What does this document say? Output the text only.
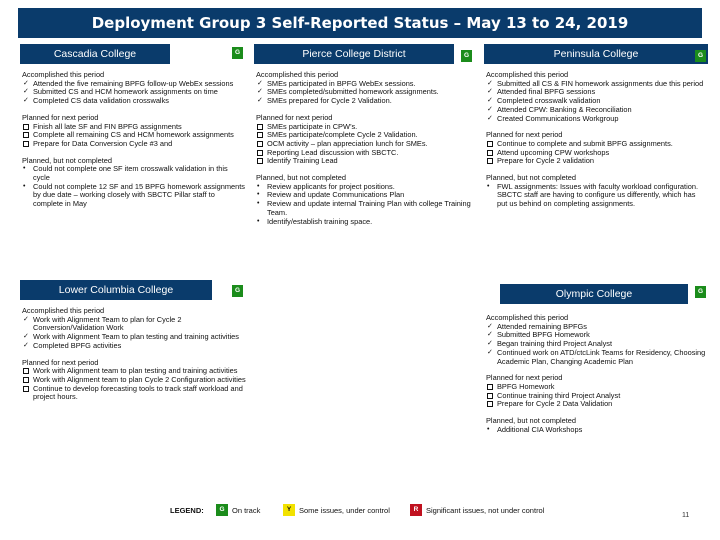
Deployment Group 3 Self-Reported Status – May 13 to 24, 2019
Cascadia College	G
Accomplished this period
✓ Attended the five remaining BPFG follow-up WebEx sessions
✓ Submitted CS and HCM homework assignments on time
✓ Completed CS data validation crosswalks
Planned for next period
Finish all late SF and FIN BPFG assignments
Complete all remaining CS and HCM homework assignments
Prepare for Data Conversion Cycle #3 and
Planned, but not completed
•	Could not complete one SF item crosswalk validation in this cycle
•	Could not complete 12 SF and 15 BPFG homework assignments by due date – working closely with SBCTC Pillar staff to complete in May
Pierce College District	G
Accomplished this period
✓ SMEs participated in BPFG WebEx sessions.
✓ SMEs completed/submitted homework assignments.
✓ SMEs prepared for Cycle 2 Validation.
Planned for next period
SMEs participate in CPW’s.
SMEs participate/complete Cycle 2 Validation.
OCM activity – plan appreciation lunch for SMEs.
Reporting Lead discussion with SBCTC.
Identify Training Lead
Planned, but not completed
•	Review applicants for project positions.
•	Review and update Communications Plan
•	Review and update internal Training Plan with college Training Team.
•	Identify/establish training space.
Peninsula College	G
Accomplished this period
✓ Submitted all CS & FIN homework assignments due this period
✓ Attended final BPFG sessions
✓ Completed crosswalk validation
✓ Attended CPW: Banking & Reconciliation
✓ Created Communications Workgroup
Planned for next period
Continue to complete and submit BPFG assignments.
Attend upcoming CPW workshops
Prepare for Cycle 2 validation
Planned, but not completed
•	FWL assignments: Issues with faculty workload configuration. SBCTC staff are having to configure us differently, which has put us behind on completing assignments.
Lower Columbia College	G
Accomplished this period
✓ Work with Alignment Team to plan for Cycle 2 Conversion/Validation Work
✓ Work with Alignment Team to plan testing and training activities
✓ Completed BPFG activities
Planned for next period
Work with Alignment team to plan testing and training activities
Work with Alignment team to plan Cycle 2 Configuration activities
Continue to develop forecasting tools to track staff workload and project hours.
Olympic College	G
Accomplished this period
✓ Attended remaining BPFGs
✓ Submitted BPFG Homework
✓ Began training third Project Analyst
✓ Continued work on ATD/ctcLink Teams for Residency, Choosing Academic Plan, Changing Academic Plan
Planned for next period
BPFG Homework
Continue training third Project Analyst
Prepare for Cycle 2 Data Validation
Planned, but not completed
•	Additional CIA Workshops
LEGEND:	G On track	Y	Some issues, under control	R	Significant issues, not under control
11
